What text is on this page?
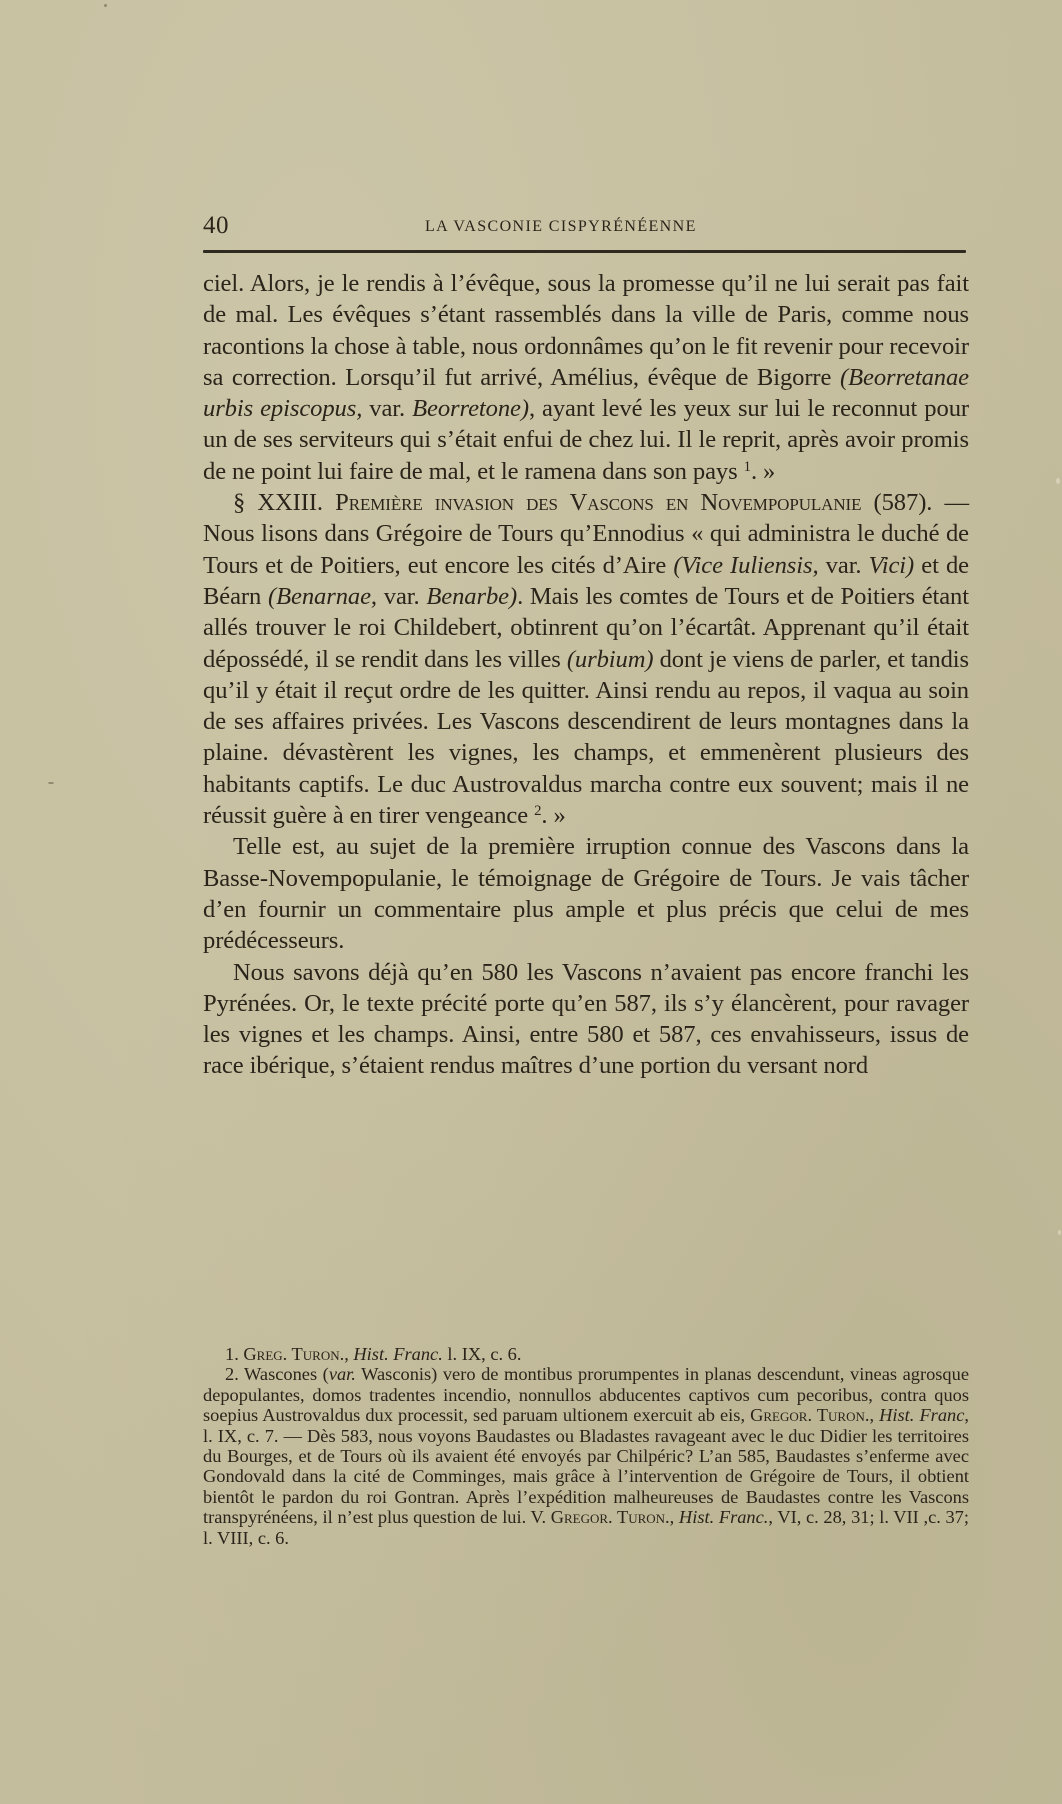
40	LA VASCONIE CISPYRÉNÉENNE

ciel. Alors, je le rendis à l’évêque, sous la promesse qu’il ne lui serait pas fait de mal. Les évêques s’étant rassemblés dans la ville de Paris, comme nous racontions la chose à table, nous ordonnâmes qu’on le fit revenir pour recevoir sa correction. Lorsqu’il fut arrivé, Amélius, évêque de Bigorre (Beorretanae urbis episcopus, var. Beorretone), ayant levé les yeux sur lui le reconnut pour un de ses serviteurs qui s’était enfui de chez lui. Il le reprit, après avoir promis de ne point lui faire de mal, et le ramena dans son pays $^1$. »

§ XXIII. Première invasion des Vascons en Novempopulanie (587). — Nous lisons dans Grégoire de Tours qu’Ennodius « qui administra le duché de Tours et de Poitiers, eut encore les cités d’Aire (Vice Iuliensis, var. Vici) et de Béarn (Benarnae, var. Benarbe). Mais les comtes de Tours et de Poitiers étant allés trouver le roi Childebert, obtinrent qu’on l’écartât. Apprenant qu’il était dépossédé, il se rendit dans les villes (urbium) dont je viens de parler, et tandis qu’il y était il reçut ordre de les quitter. Ainsi rendu au repos, il vaqua au soin de ses affaires privées. Les Vascons descendirent de leurs montagnes dans la plaine. dévastèrent les vignes, les champs, et emmenèrent plusieurs des habitants captifs. Le duc Austrovaldus marcha contre eux souvent; mais il ne réussit guère à en tirer vengeance $^2$. »

Telle est, au sujet de la première irruption connue des Vascons dans la Basse-Novempopulanie, le témoignage de Grégoire de Tours. Je vais tâcher d’en fournir un commentaire plus ample et plus précis que celui de mes prédécesseurs.

Nous savons déjà qu’en 580 les Vascons n’avaient pas encore franchi les Pyrénées. Or, le texte précité porte qu’en 587, ils s’y élancèrent, pour ravager les vignes et les champs. Ainsi, entre 580 et 587, ces envahisseurs, issus de race ibérique, s’étaient rendus maîtres d’une portion du versant nord

1. Greg. Turon., Hist. Franc. l. IX, c. 6.

2. Wascones (var. Wasconis) vero de montibus prorumpentes in planas descendunt, vineas agrosque depopulantes, domos tradentes incendio, nonnullos abducentes captivos cum pecoribus, contra quos soepius Austrovaldus dux processit, sed paruam ultionem exercuit ab eis, Gregor. Turon., Hist. Franc, l. IX, c. 7. — Dès 583, nous voyons Baudastes ou Bladastes ravageant avec le duc Didier les territoires du Bourges, et de Tours où ils avaient été envoyés par Chilpéric? L’an 585, Baudastes s’enferme avec Gondovald dans la cité de Comminges, mais grâce à l’intervention de Grégoire de Tours, il obtient bientôt le pardon du roi Gontran. Après l’expédition malheureuses de Baudastes contre les Vascons transpyrénéens, il n’est plus question de lui. V. Gregor. Turon., Hist. Franc., VI, c. 28, 31; l. VII ,c. 37; l. VIII, c. 6.
